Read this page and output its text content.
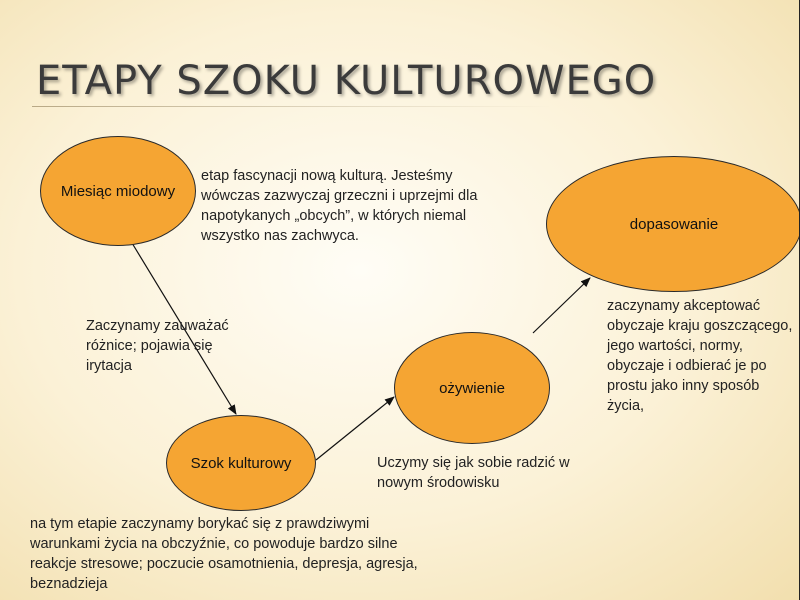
ETAPY SZOKU KULTUROWEGO
Miesiąc miodowy
Szok kulturowy
ożywienie
dopasowanie
etap fascynacji nową kulturą. Jesteśmy wówczas zazwyczaj grzeczni i uprzejmi dla napotykanych „obcych”, w których niemal wszystko nas zachwyca.
Zaczynamy zauważać różnice; pojawia się irytacja
na tym etapie zaczynamy borykać się z prawdziwymi warunkami życia na obczyźnie, co powoduje bardzo silne reakcje stresowe; poczucie osamotnienia, depresja, agresja, beznadzieja
Uczymy się jak sobie radzić w nowym środowisku
zaczynamy akceptować obyczaje kraju goszczącego, jego wartości, normy, obyczaje i odbierać je po prostu jako inny sposób życia,
